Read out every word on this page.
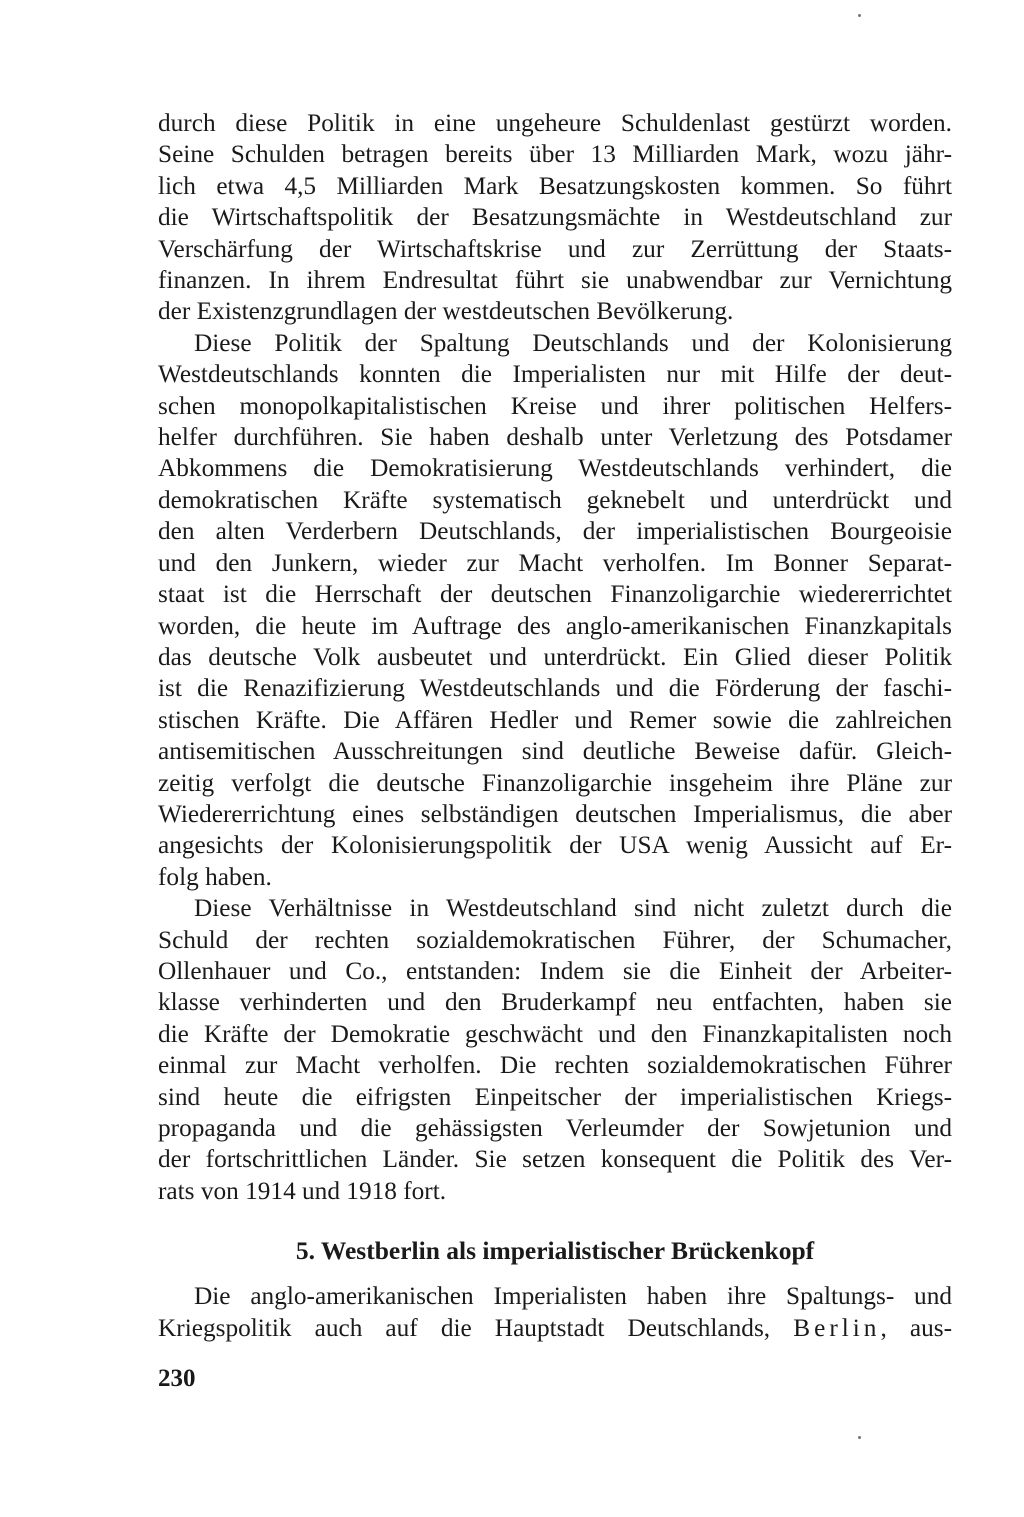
durch diese Politik in eine ungeheure Schuldenlast gestürzt worden.
Seine Schulden betragen bereits über 13 Milliarden Mark, wozu jähr-
lich etwa 4,5 Milliarden Mark Besatzungskosten kommen. So führt
die Wirtschaftspolitik der Besatzungsmächte in Westdeutschland zur
Verschärfung der Wirtschaftskrise und zur Zerrüttung der Staats-
finanzen. In ihrem Endresultat führt sie unabwendbar zur Vernichtung
der Existenzgrundlagen der westdeutschen Bevölkerung.

Diese Politik der Spaltung Deutschlands und der Kolonisierung
Westdeutschlands konnten die Imperialisten nur mit Hilfe der deut-
schen monopolkapitalistischen Kreise und ihrer politischen Helfers-
helfer durchführen. Sie haben deshalb unter Verletzung des Potsdamer
Abkommens die Demokratisierung Westdeutschlands verhindert, die
demokratischen Kräfte systematisch geknebelt und unterdrückt und
den alten Verderbern Deutschlands, der imperialistischen Bourgeoisie
und den Junkern, wieder zur Macht verholfen. Im Bonner Separat-
staat ist die Herrschaft der deutschen Finanzoligarchie wiedererrichtet
worden, die heute im Auftrage des anglo-amerikanischen Finanzkapitals
das deutsche Volk ausbeutet und unterdrückt. Ein Glied dieser Politik
ist die Renazifizierung Westdeutschlands und die Förderung der faschi-
stischen Kräfte. Die Affären Hedler und Remer sowie die zahlreichen
antisemitischen Ausschreitungen sind deutliche Beweise dafür. Gleich-
zeitig verfolgt die deutsche Finanzoligarchie insgeheim ihre Pläne zur
Wiedererrichtung eines selbständigen deutschen Imperialismus, die aber
angesichts der Kolonisierungspolitik der USA wenig Aussicht auf Er-
folg haben.

Diese Verhältnisse in Westdeutschland sind nicht zuletzt durch die
Schuld der rechten sozialdemokratischen Führer, der Schumacher,
Ollenhauer und Co., entstanden: Indem sie die Einheit der Arbeiter-
klasse verhinderten und den Bruderkampf neu entfachten, haben sie
die Kräfte der Demokratie geschwächt und den Finanzkapitalisten noch
einmal zur Macht verholfen. Die rechten sozialdemokratischen Führer
sind heute die eifrigsten Einpeitscher der imperialistischen Kriegs-
propaganda und die gehässigsten Verleumder der Sowjetunion und
der fortschrittlichen Länder. Sie setzen konsequent die Politik des Ver-
rats von 1914 und 1918 fort.

5. Westberlin als imperialistischer Brückenkopf

Die anglo-amerikanischen Imperialisten haben ihre Spaltungs- und
Kriegspolitik auch auf die Hauptstadt Deutschlands, Berlin, aus-

230
